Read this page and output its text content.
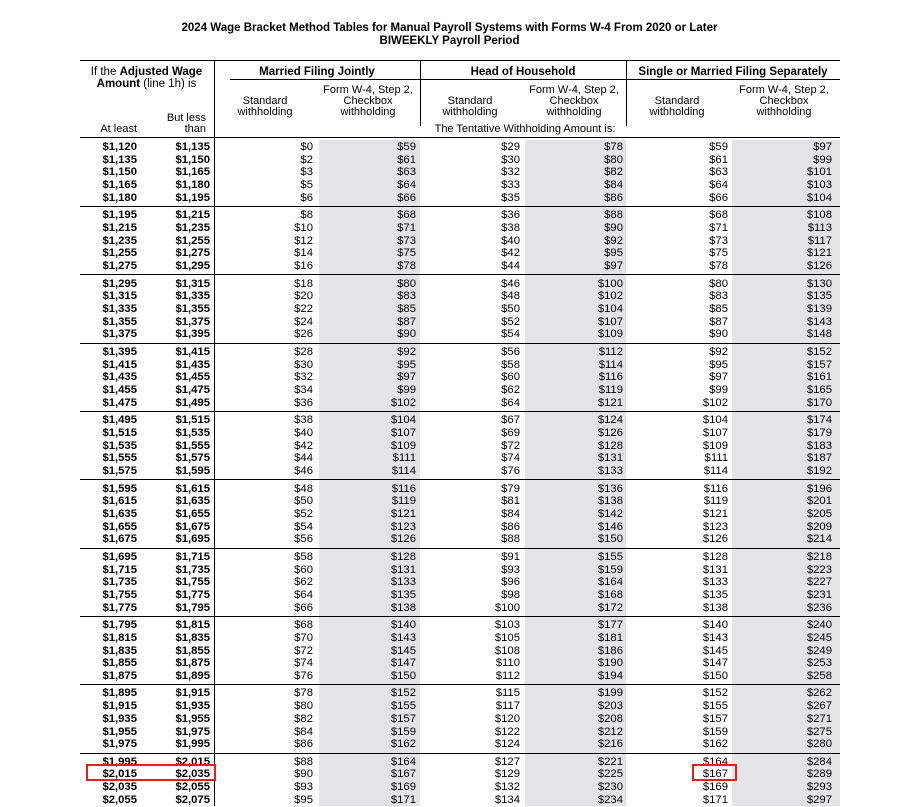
2024 Wage Bracket Method Tables for Manual Payroll Systems with Forms W-4 From 2020 or Later
BIWEEKLY Payroll Period
If the Adjusted Wage
Amount (line 1h) is
At least
But less
than
Married Filing Jointly	Head of Household	Single or Married Filing Separately
Standard
withholding
Form W-4, Step 2,
Checkbox
withholding
Standard
withholding
Form W-4, Step 2,
Checkbox
withholding
Standard
withholding
Form W-4, Step 2,
Checkbox
withholding
The Tentative Withholding Amount is:
$1,120	$1,135	$0	$59	$29	$78	$59	$97
$1,135	$1,150	$2	$61	$30	$80	$61	$99
$1,150	$1,165	$3	$63	$32	$82	$63	$101
$1,165	$1,180	$5	$64	$33	$84	$64	$103
$1,180	$1,195	$6	$66	$35	$86	$66	$104
$1,195	$1,215	$8	$68	$36	$88	$68	$108
$1,215	$1,235	$10	$71	$38	$90	$71	$113
$1,235	$1,255	$12	$73	$40	$92	$73	$117
$1,255	$1,275	$14	$75	$42	$95	$75	$121
$1,275	$1,295	$16	$78	$44	$97	$78	$126
$1,295	$1,315	$18	$80	$46	$100	$80	$130
$1,315	$1,335	$20	$83	$48	$102	$83	$135
$1,335	$1,355	$22	$85	$50	$104	$85	$139
$1,355	$1,375	$24	$87	$52	$107	$87	$143
$1,375	$1,395	$26	$90	$54	$109	$90	$148
$1,395	$1,415	$28	$92	$56	$112	$92	$152
$1,415	$1,435	$30	$95	$58	$114	$95	$157
$1,435	$1,455	$32	$97	$60	$116	$97	$161
$1,455	$1,475	$34	$99	$62	$119	$99	$165
$1,475	$1,495	$36	$102	$64	$121	$102	$170
$1,495	$1,515	$38	$104	$67	$124	$104	$174
$1,515	$1,535	$40	$107	$69	$126	$107	$179
$1,535	$1,555	$42	$109	$72	$128	$109	$183
$1,555	$1,575	$44	$111	$74	$131	$111	$187
$1,575	$1,595	$46	$114	$76	$133	$114	$192
$1,595	$1,615	$48	$116	$79	$136	$116	$196
$1,615	$1,635	$50	$119	$81	$138	$119	$201
$1,635	$1,655	$52	$121	$84	$142	$121	$205
$1,655	$1,675	$54	$123	$86	$146	$123	$209
$1,675	$1,695	$56	$126	$88	$150	$126	$214
$1,695	$1,715	$58	$128	$91	$155	$128	$218
$1,715	$1,735	$60	$131	$93	$159	$131	$223
$1,735	$1,755	$62	$133	$96	$164	$133	$227
$1,755	$1,775	$64	$135	$98	$168	$135	$231
$1,775	$1,795	$66	$138	$100	$172	$138	$236
$1,795	$1,815	$68	$140	$103	$177	$140	$240
$1,815	$1,835	$70	$143	$105	$181	$143	$245
$1,835	$1,855	$72	$145	$108	$186	$145	$249
$1,855	$1,875	$74	$147	$110	$190	$147	$253
$1,875	$1,895	$76	$150	$112	$194	$150	$258
$1,895	$1,915	$78	$152	$115	$199	$152	$262
$1,915	$1,935	$80	$155	$117	$203	$155	$267
$1,935	$1,955	$82	$157	$120	$208	$157	$271
$1,955	$1,975	$84	$159	$122	$212	$159	$275
$1,975	$1,995	$86	$162	$124	$216	$162	$280
$1,995	$2,015	$88	$164	$127	$221	$164	$284
$2,015	$2,035	$90	$167	$129	$225	$167	$289
$2,035	$2,055	$93	$169	$132	$230	$169	$293
$2,055	$2,075	$95	$171	$134	$234	$171	$297
